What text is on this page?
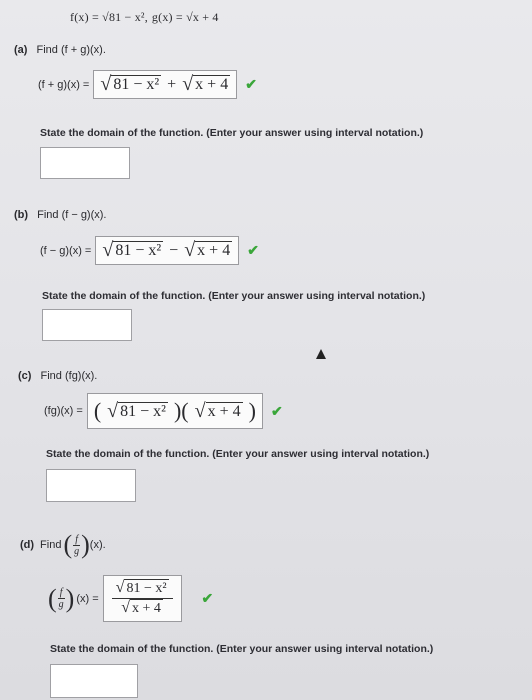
f(x) = √81 − x², g(x) = √x + 4
(a) Find (f + g)(x).
(f + g)(x) = √ 81 − x² + √ x + 4 ✔
State the domain of the function. (Enter your answer using interval notation.)
(b) Find (f − g)(x).
(f − g)(x) = √ 81 − x² − √ x + 4 ✔
State the domain of the function. (Enter your answer using interval notation.)
(c) Find (fg)(x).
(fg)(x) = ( √ 81 − x² )( √ x + 4 ) ✔
State the domain of the function. (Enter your answer using interval notation.)
(d) Find ( $\frac{f}{g}$ ) (x).
( $\frac{f}{g}$ ) $(x) = \frac{\text{√ 81 − x²}}{√ x + 4}$ ✔
State the domain of the function. (Enter your answer using interval notation.)
